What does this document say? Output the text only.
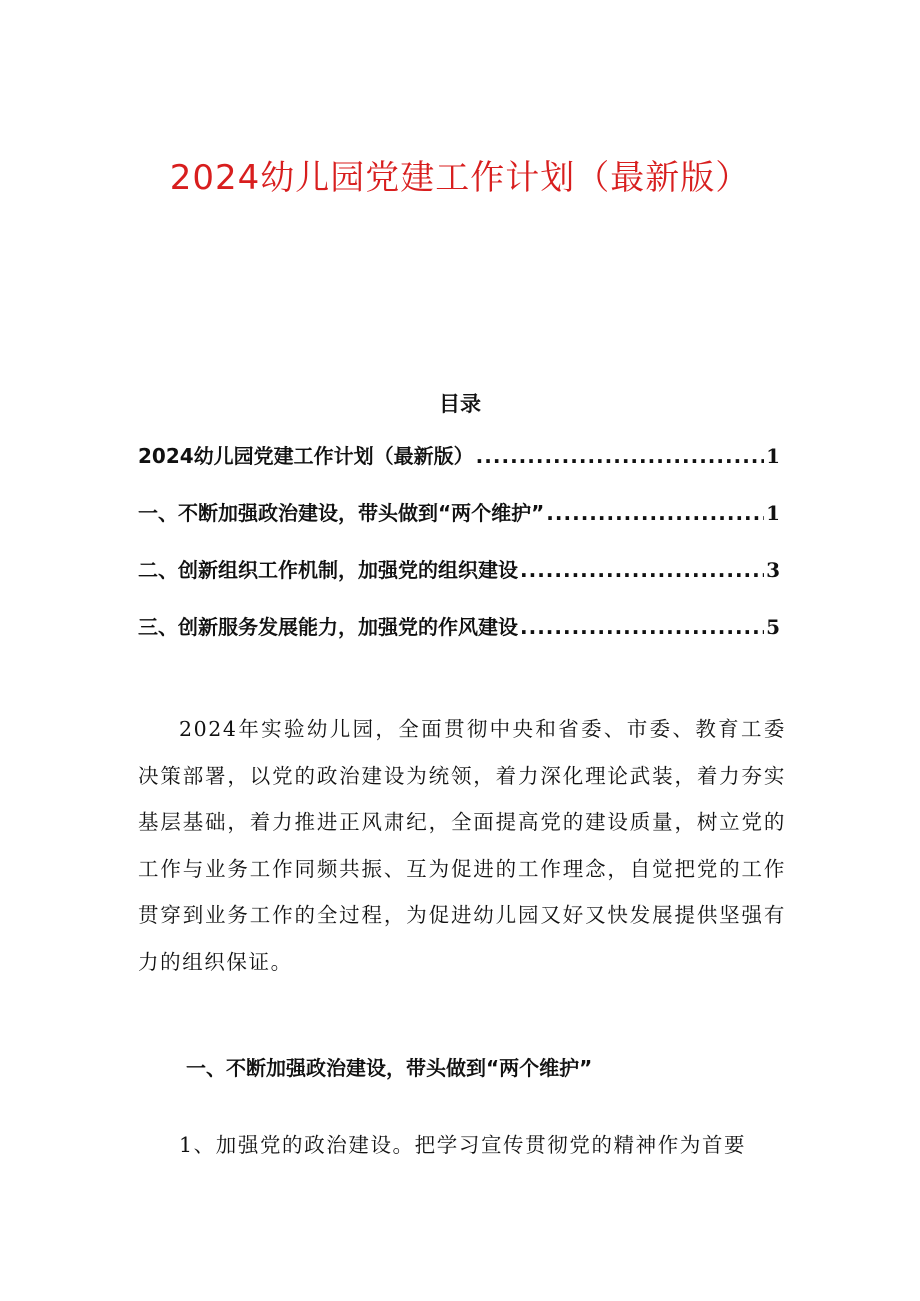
2024幼儿园党建工作计划（最新版）
目录
2024幼儿园党建工作计划（最新版） .....	1
一、不断加强政治建设，带头做到“两个维护” .....	1
二、创新组织工作机制，加强党的组织建设 .....	3
三、创新服务发展能力，加强党的作风建设 .....	5

2024年实验幼儿园，全面贯彻中央和省委、市委、教育工委决策部署，以党的政治建设为统领，着力深化理论武装，着力夯实基层基础，着力推进正风肃纪，全面提高党的建设质量，树立党的工作与业务工作同频共振、互为促进的工作理念，自觉把党的工作贯穿到业务工作的全过程，为促进幼儿园又好又快发展提供坚强有力的组织保证。

一、不断加强政治建设，带头做到“两个维护”

1、加强党的政治建设。把学习宣传贯彻党的精神作为首要
